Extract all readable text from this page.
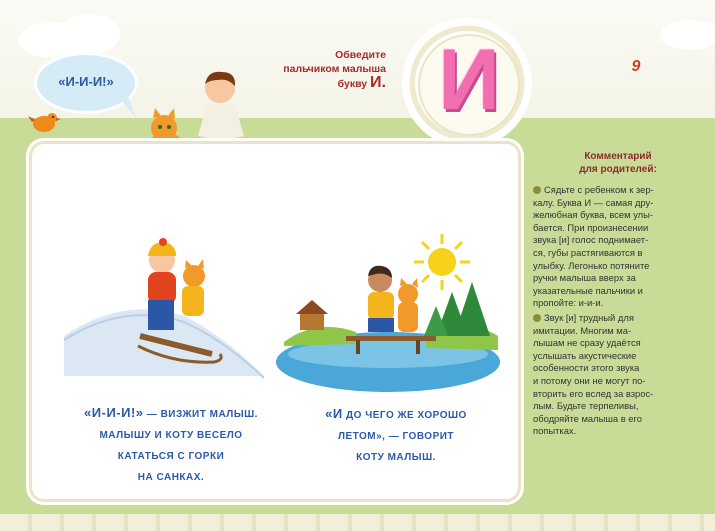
«И-И-И!»
Обведите
пальчиком малыша
букву И. И	9
«И-И-И!» — ВИЗЖИТ МАЛЫШ.
МАЛЫШУ И КОТУ ВЕСЕЛО
КАТАТЬСЯ С ГОРКИ
НА САНКАХ.
«И ДО ЧЕГО ЖЕ ХОРОШО
ЛЕТОМ», — ГОВОРИТ
КОТУ МАЛЫШ.
Комментарий
для родителей:

Сядьте с ребенком к зер-
калу. Буква И — самая дру-
желюбная буква, всем улы-
бается. При произнесении
звука [и] голос поднимает-
ся, губы растягиваются в
улыбку. Легонько потяните
ручки малыша вверх за
указательные пальчики и
пропойте: и-и-и.

Звук [и] трудный для
имитации. Многим ма-
лышам не сразу удаётся
услышать акустические
особенности этого звука
и потому они не могут по-
вторить его вслед за взрос-
лым. Будьте терпеливы,
ободряйте малыша в его
попытках.
